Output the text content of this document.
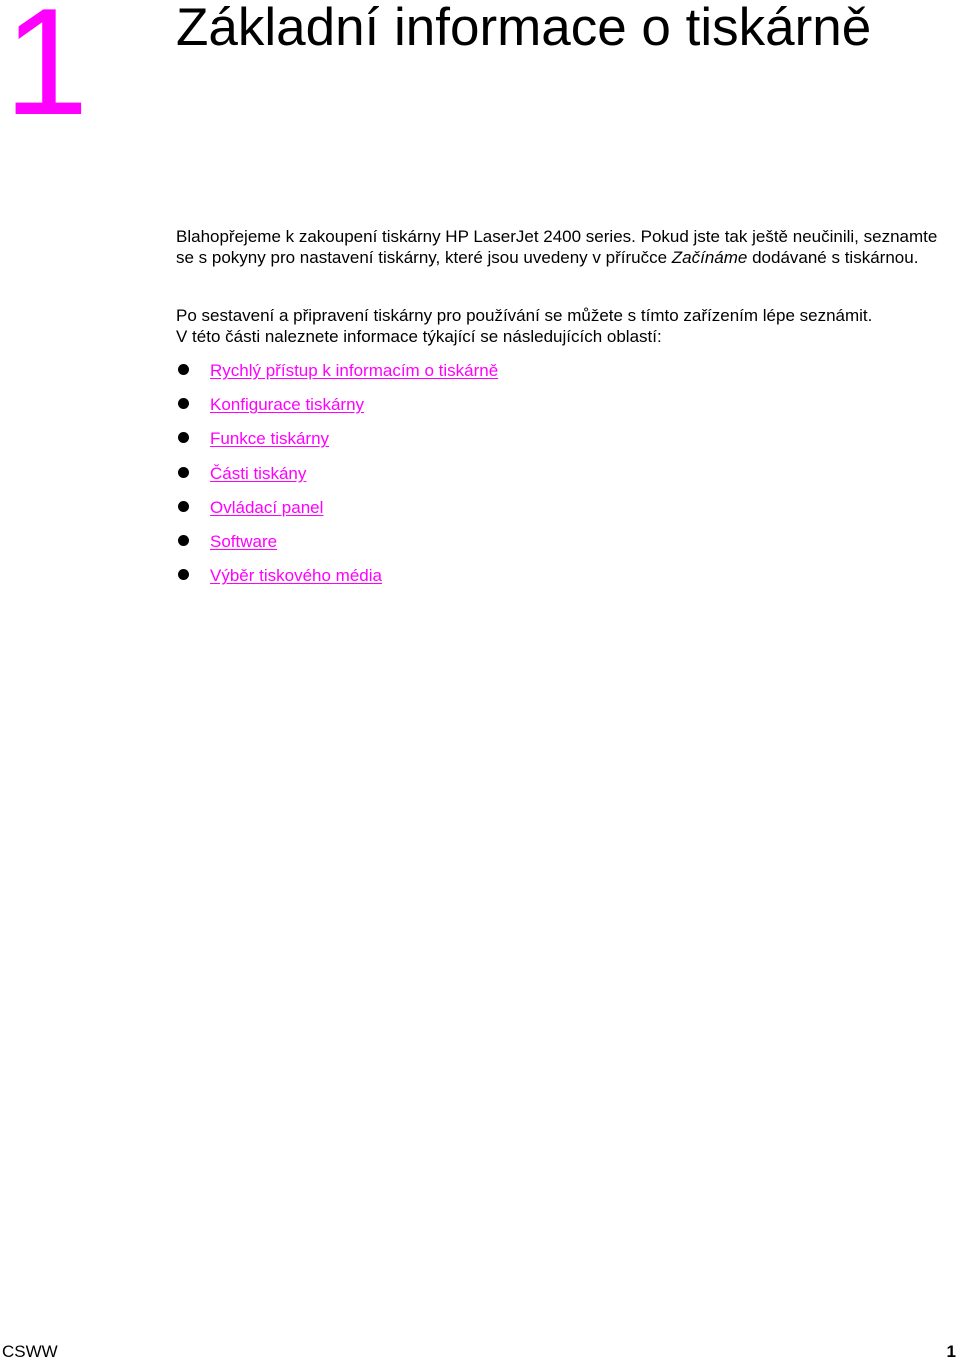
1 Základní informace o tiskárně

Blahopřejeme k zakoupení tiskárny HP LaserJet 2400 series. Pokud jste tak ještě neučinili, seznamte se s pokyny pro nastavení tiskárny, které jsou uvedeny v příručce Začínáme dodávané s tiskárnou.

Po sestavení a připravení tiskárny pro používání se můžete s tímto zařízením lépe seznámit.
V této části naleznete informace týkající se následujících oblastí:

Rychlý přístup k informacím o tiskárně
Konfigurace tiskárny
Funkce tiskárny
Části tiskány
Ovládací panel
Software
Výběr tiskového média
CSWW	1
